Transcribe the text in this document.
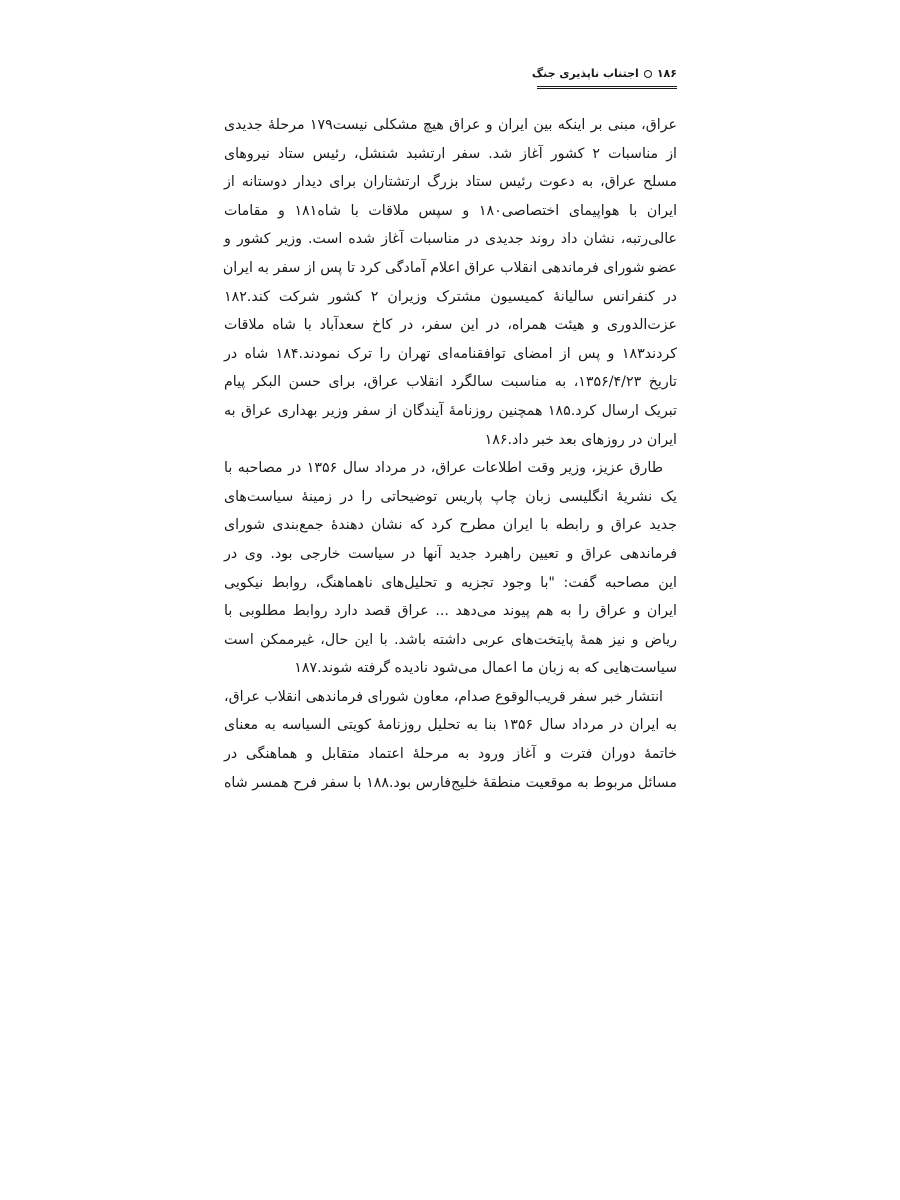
۱۸۶
اجتناب ناپذیری جنگ
عراق، مبنی بر اینکه بین ایران و عراق هیچ مشکلی نیست۱۷۹ مرحلهٔ جدیدی
از مناسبات ۲ کشور آغاز شد. سفر ارتشبد شنشل، رئیس ستاد نیروهای
مسلح عراق، به دعوت رئیس ستاد بزرگ ارتشتاران برای دیدار دوستانه از
ایران با هواپیمای اختصاصی۱۸۰ و سپس ملاقات با شاه۱۸۱ و مقامات
عالی‌رتبه، نشان داد روند جدیدی در مناسبات آغاز شده است. وزیر کشور و
عضو شورای فرماندهی انقلاب عراق اعلام آمادگی کرد تا پس از سفر به ایران
در کنفرانس سالیانهٔ کمیسیون مشترک وزیران ۲ کشور شرکت کند.۱۸۲
عزت‌الدوری و هیئت همراه، در این سفر، در کاخ سعدآباد با شاه ملاقات
کردند۱۸۳ و پس از امضای توافقنامه‌ای تهران را ترک نمودند.۱۸۴ شاه در
تاریخ ۱۳۵۶/۴/۲۳، به مناسبت سالگرد انقلاب عراق، برای حسن البکر پیام
تبریک ارسال کرد.۱۸۵ همچنین روزنامهٔ آیندگان از سفر وزیر بهداری عراق به
ایران در روزهای بعد خبر داد.۱۸۶
طارق عزیز، وزیر وقت اطلاعات عراق، در مرداد سال ۱۳۵۶ در مصاحبه با
یک نشریهٔ انگلیسی زبان چاپ پاریس توضیحاتی را در زمینهٔ سیاست‌های
جدید عراق و رابطه با ایران مطرح کرد که نشان دهندهٔ جمع‌بندی شورای
فرماندهی عراق و تعیین راهبرد جدید آنها در سیاست خارجی بود. وی در
این مصاحبه گفت: "با وجود تجزیه و تحلیل‌های ناهماهنگ، روابط نیکویی
ایران و عراق را به هم پیوند می‌دهد ... عراق قصد دارد روابط مطلوبی با
ریاض و نیز همهٔ پایتخت‌های عربی داشته باشد. با این حال، غیرممکن است
سیاست‌هایی که به زبان ما اعمال می‌شود نادیده گرفته شوند.۱۸۷
انتشار خبر سفر قریب‌الوقوع صدام، معاون شورای فرماندهی انقلاب عراق،
به ایران در مرداد سال ۱۳۵۶ بنا به تحلیل روزنامهٔ کویتی السیاسه به معنای
خاتمهٔ دوران فترت و آغاز ورود به مرحلهٔ اعتماد متقابل و هماهنگی در
مسائل مربوط به موقعیت منطقهٔ خلیج‌فارس بود.۱۸۸ با سفر فرح همسر شاه
